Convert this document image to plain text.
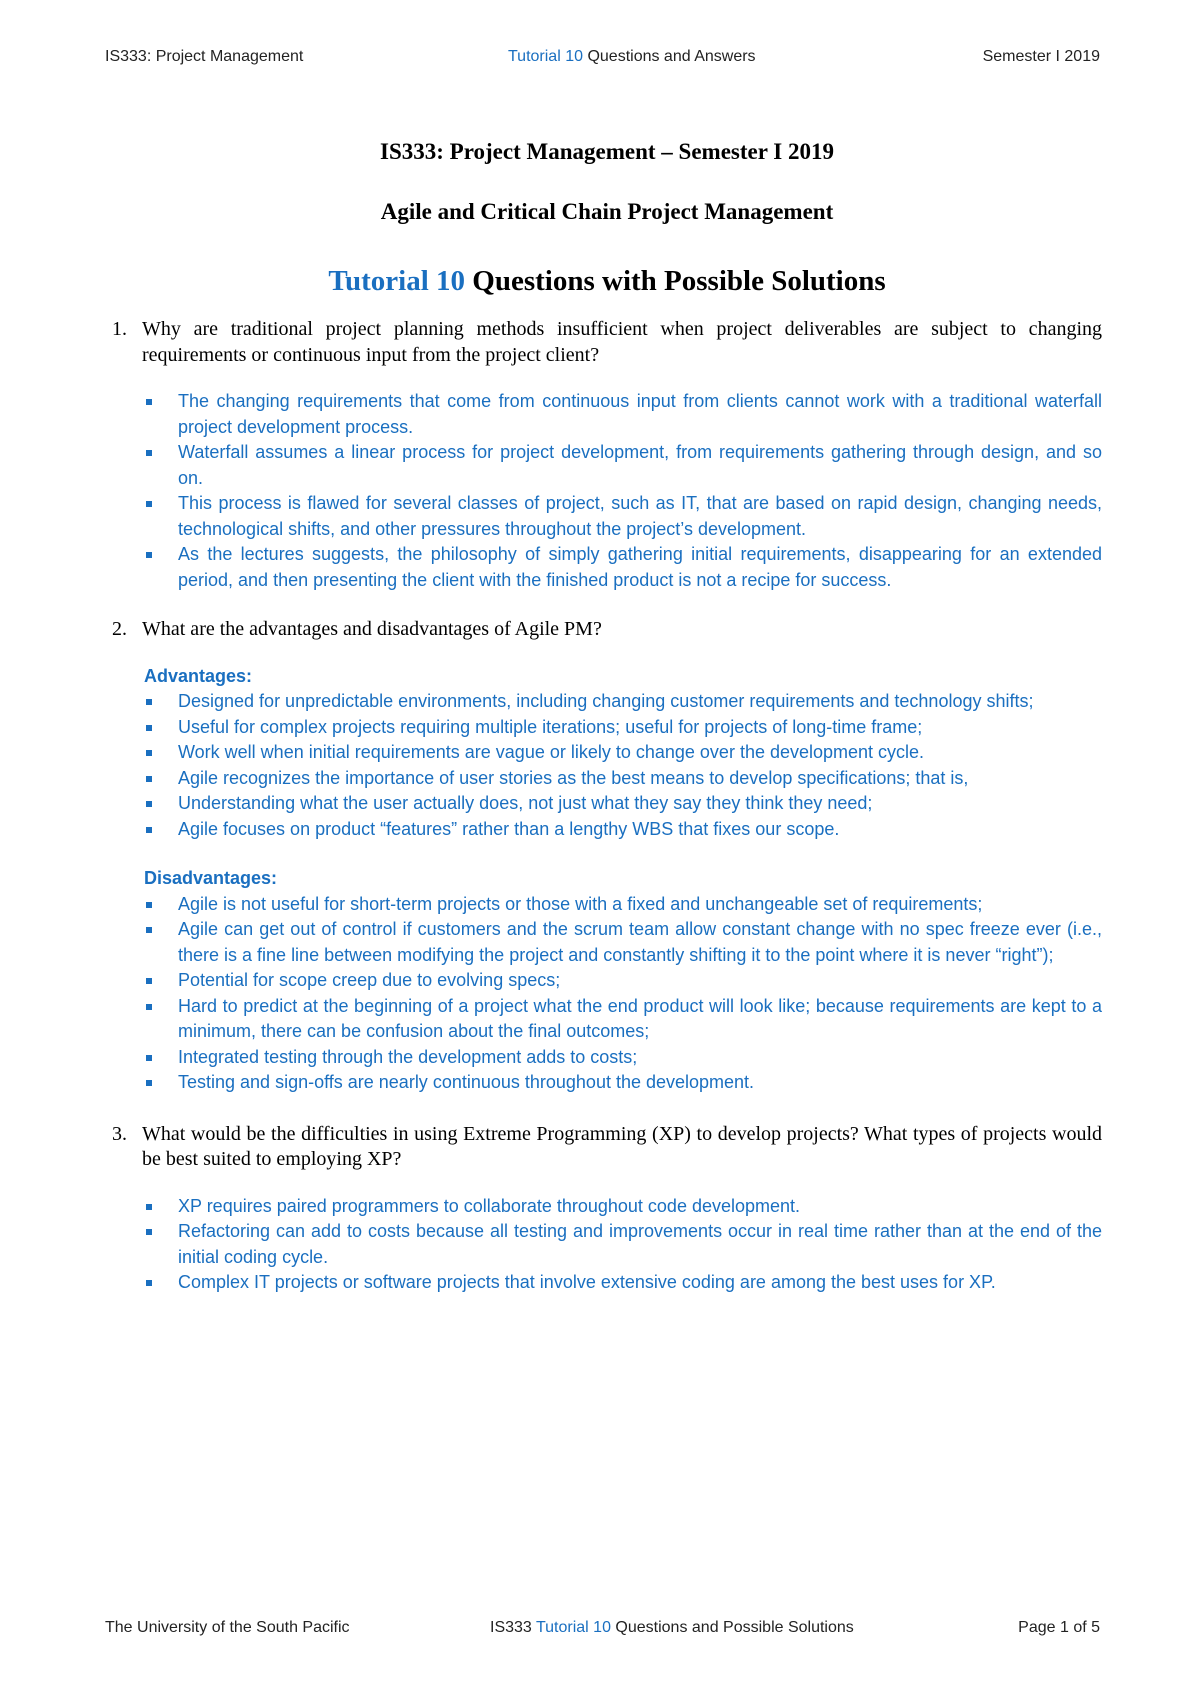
IS333: Project Management	Tutorial 10 Questions and Answers	Semester I 2019

IS333: Project Management – Semester I 2019

Agile and Critical Chain Project Management

Tutorial 10 Questions with Possible Solutions

1. Why are traditional project planning methods insufficient when project deliverables are subject to changing requirements or continuous input from the project client?
The changing requirements that come from continuous input from clients cannot work with a traditional waterfall project development process.
Waterfall assumes a linear process for project development, from requirements gathering through design, and so on.
This process is flawed for several classes of project, such as IT, that are based on rapid design, changing needs, technological shifts, and other pressures throughout the project’s development.
As the lectures suggests, the philosophy of simply gathering initial requirements, disappearing for an extended period, and then presenting the client with the finished product is not a recipe for success.
2. What are the advantages and disadvantages of Agile PM?

Advantages:

Designed for unpredictable environments, including changing customer requirements and technology shifts;
Useful for complex projects requiring multiple iterations; useful for projects of long-time frame;
Work well when initial requirements are vague or likely to change over the development cycle.
Agile recognizes the importance of user stories as the best means to develop specifications; that is,
Understanding what the user actually does, not just what they say they think they need;
Agile focuses on product “features” rather than a lengthy WBS that fixes our scope.

Disadvantages:

Agile is not useful for short-term projects or those with a fixed and unchangeable set of requirements;
Agile can get out of control if customers and the scrum team allow constant change with no spec freeze ever (i.e., there is a fine line between modifying the project and constantly shifting it to the point where it is never “right”);
Potential for scope creep due to evolving specs;
Hard to predict at the beginning of a project what the end product will look like; because requirements are kept to a minimum, there can be confusion about the final outcomes;
Integrated testing through the development adds to costs;
Testing and sign-offs are nearly continuous throughout the development.
3. What would be the difficulties in using Extreme Programming (XP) to develop projects? What types of projects would be best suited to employing XP?
XP requires paired programmers to collaborate throughout code development.
Refactoring can add to costs because all testing and improvements occur in real time rather than at the end of the initial coding cycle.
Complex IT projects or software projects that involve extensive coding are among the best uses for XP.
The University of the South Pacific	IS333 Tutorial 10 Questions and Possible Solutions	Page 1 of 5
